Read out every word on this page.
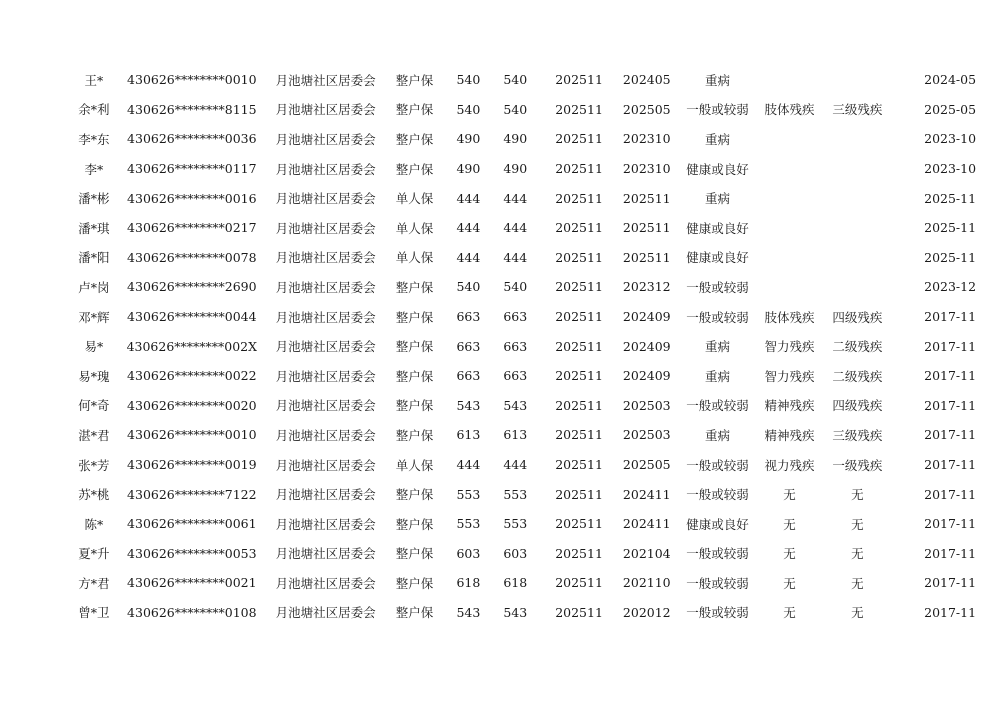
王*	430626********0010	月池塘社区居委会	整户保	540	540	202511	202405	重病			2024-05
余*利	430626********8115	月池塘社区居委会	整户保	540	540	202511	202505	一般或较弱	肢体残疾	三级残疾	2025-05
李*东	430626********0036	月池塘社区居委会	整户保	490	490	202511	202310	重病			2023-10
李*	430626********0117	月池塘社区居委会	整户保	490	490	202511	202310	健康或良好			2023-10
潘*彬	430626********0016	月池塘社区居委会	单人保	444	444	202511	202511	重病			2025-11
潘*琪	430626********0217	月池塘社区居委会	单人保	444	444	202511	202511	健康或良好			2025-11
潘*阳	430626********0078	月池塘社区居委会	单人保	444	444	202511	202511	健康或良好			2025-11
卢*岗	430626********2690	月池塘社区居委会	整户保	540	540	202511	202312	一般或较弱			2023-12
邓*辉	430626********0044	月池塘社区居委会	整户保	663	663	202511	202409	一般或较弱	肢体残疾	四级残疾	2017-11
易*	430626********002X	月池塘社区居委会	整户保	663	663	202511	202409	重病	智力残疾	二级残疾	2017-11
易*瑰	430626********0022	月池塘社区居委会	整户保	663	663	202511	202409	重病	智力残疾	二级残疾	2017-11
何*奇	430626********0020	月池塘社区居委会	整户保	543	543	202511	202503	一般或较弱	精神残疾	四级残疾	2017-11
湛*君	430626********0010	月池塘社区居委会	整户保	613	613	202511	202503	重病	精神残疾	三级残疾	2017-11
张*芳	430626********0019	月池塘社区居委会	单人保	444	444	202511	202505	一般或较弱	视力残疾	一级残疾	2017-11
苏*桃	430626********7122	月池塘社区居委会	整户保	553	553	202511	202411	一般或较弱	无	无	2017-11
陈*	430626********0061	月池塘社区居委会	整户保	553	553	202511	202411	健康或良好	无	无	2017-11
夏*升	430626********0053	月池塘社区居委会	整户保	603	603	202511	202104	一般或较弱	无	无	2017-11
方*君	430626********0021	月池塘社区居委会	整户保	618	618	202511	202110	一般或较弱	无	无	2017-11
曾*卫	430626********0108	月池塘社区居委会	整户保	543	543	202511	202012	一般或较弱	无	无	2017-11
